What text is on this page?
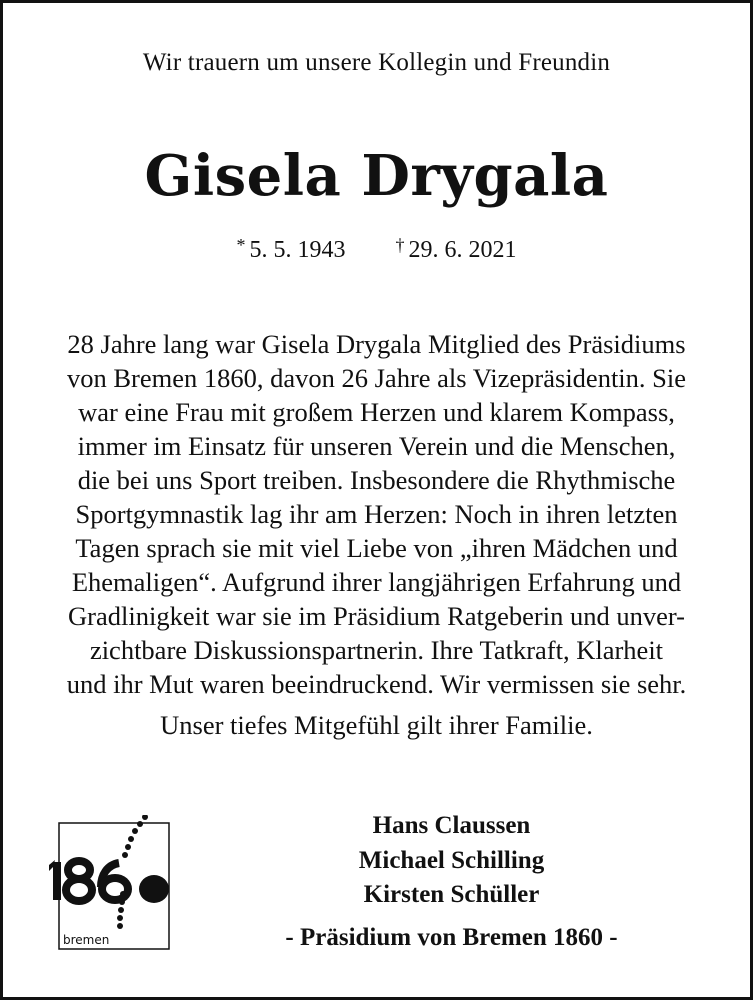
Wir trauern um unsere Kollegin und Freundin
Gisela Drygala
* 5. 5. 1943	† 29. 6. 2021
28 Jahre lang war Gisela Drygala Mitglied des Präsidiums
von Bremen 1860, davon 26 Jahre als Vizepräsidentin. Sie
war eine Frau mit großem Herzen und klarem Kompass,
immer im Einsatz für unseren Verein und die Menschen,
die bei uns Sport treiben. Insbesondere die Rhythmische
Sportgymnastik lag ihr am Herzen: Noch in ihren letzten
Tagen sprach sie mit viel Liebe von „ihren Mädchen und
Ehemaligen“. Aufgrund ihrer langjährigen Erfahrung und
Gradlinigkeit war sie im Präsidium Ratgeberin und unver-
zichtbare Diskussionspartnerin. Ihre Tatkraft, Klarheit
und ihr Mut waren beeindruckend. Wir vermissen sie sehr.
Unser tiefes Mitgefühl gilt ihrer Familie.
bremen
Hans Claussen
Michael Schilling
Kirsten Schüller
- Präsidium von Bremen 1860 -
